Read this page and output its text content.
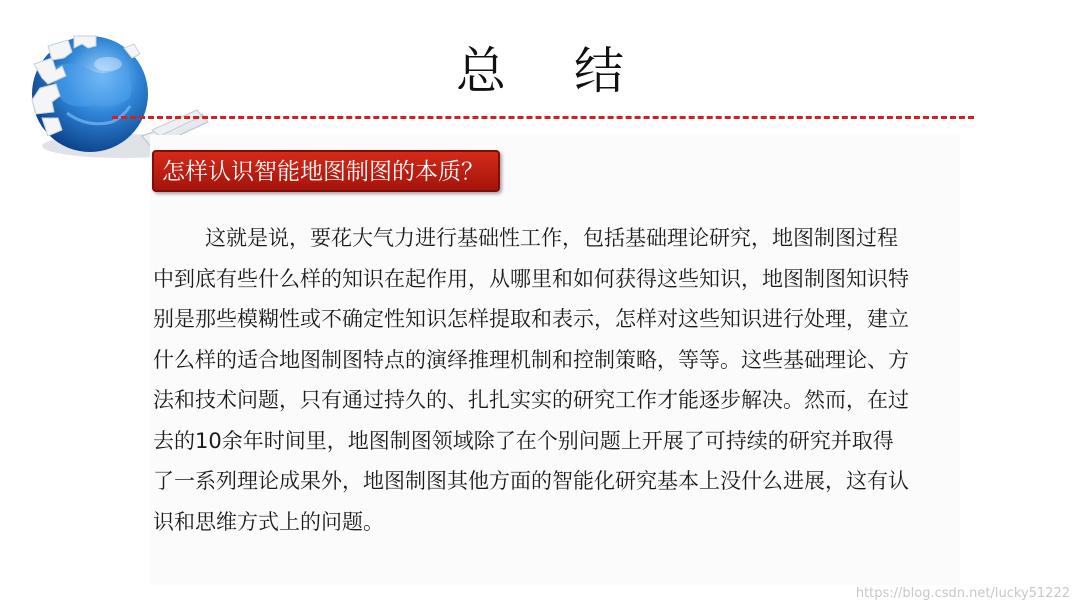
总 结
怎样认识智能地图制图的本质？

这就是说，要花大气力进行基础性工作，包括基础理论研究，地图制图过程中到底有些什么样的知识在起作用，从哪里和如何获得这些知识，地图制图知识特别是那些模糊性或不确定性知识怎样提取和表示，怎样对这些知识进行处理，建立什么样的适合地图制图特点的演绎推理机制和控制策略，等等。这些基础理论、方法和技术问题，只有通过持久的、扎扎实实的研究工作才能逐步解决。然而，在过去的10余年时间里，地图制图领域除了在个别问题上开展了可持续的研究并取得了一系列理论成果外，地图制图其他方面的智能化研究基本上没什么进展，这有认识和思维方式上的问题。

https://blog.csdn.net/lucky51222
